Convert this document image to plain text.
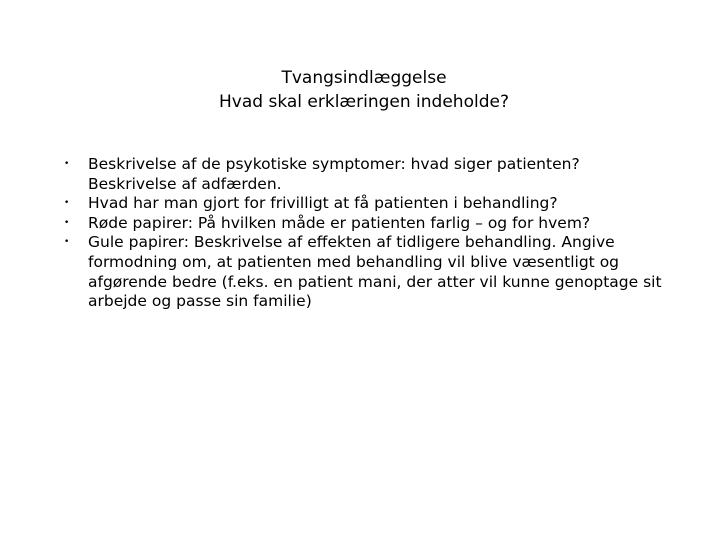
Tvangsindlæggelse
Hvad skal erklæringen indeholde?
•	Beskrivelse af de psykotiske symptomer: hvad siger patienten? Beskrivelse af adfærden.
•	Hvad har man gjort for frivilligt at få patienten i behandling?
•	Røde papirer: På hvilken måde er patienten farlig – og for hvem?
•	Gule papirer: Beskrivelse af effekten af tidligere behandling. Angive formodning om, at patienten med behandling vil blive væsentligt og afgørende bedre (f.eks. en patient mani, der atter vil kunne genoptage sit arbejde og passe sin familie)
